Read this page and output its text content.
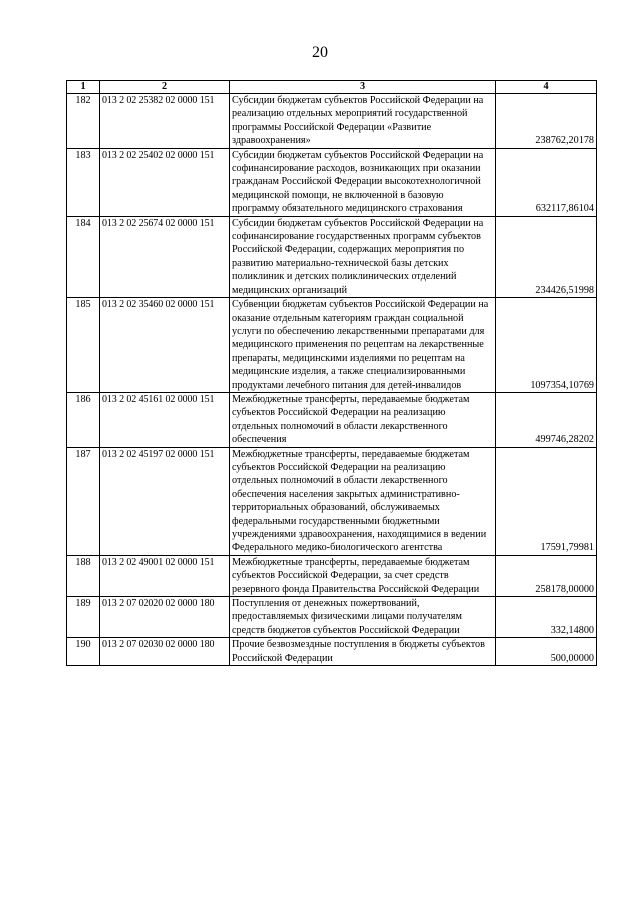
20
1	2	3	4
182	013 2 02 25382 02 0000 151	Субсидии бюджетам субъектов Российской Федерации на реализацию отдельных мероприятий государственной программы Российской Федерации «Развитие здравоохранения»	238762,20178
183	013 2 02 25402 02 0000 151	Субсидии бюджетам субъектов Российской Федерации на софинансирование расходов, возникающих при оказании гражданам Российской Федерации высокотехнологичной медицинской помощи, не включенной в базовую программу обязательного медицинского страхования	632117,86104
184	013 2 02 25674 02 0000 151	Субсидии бюджетам субъектов Российской Федерации на софинансирование государственных программ субъектов Российской Федерации, содержащих мероприятия по развитию материально-технической базы детских поликлиник и детских поликлинических отделений медицинских организаций	234426,51998
185	013 2 02 35460 02 0000 151	Субвенции бюджетам субъектов Российской Федерации на оказание отдельным категориям граждан социальной услуги по обеспечению лекарственными препаратами для медицинского применения по рецептам на лекарственные препараты, медицинскими изделиями по рецептам на медицинские изделия, а также специализированными продуктами лечебного питания для детей-инвалидов	1097354,10769
186	013 2 02 45161 02 0000 151	Межбюджетные трансферты, передаваемые бюджетам субъектов Российской Федерации на реализацию отдельных полномочий в области лекарственного обеспечения	499746,28202
187	013 2 02 45197 02 0000 151	Межбюджетные трансферты, передаваемые бюджетам субъектов Российской Федерации на реализацию отдельных полномочий в области лекарственного обеспечения населения закрытых административно-территориальных образований, обслуживаемых федеральными государственными бюджетными учреждениями здравоохранения, находящимися в ведении Федерального медико-биологического агентства	17591,79981
188	013 2 02 49001 02 0000 151	Межбюджетные трансферты, передаваемые бюджетам субъектов Российской Федерации, за счет средств резервного фонда Правительства Российской Федерации	258178,00000
189	013 2 07 02020 02 0000 180	Поступления от денежных пожертвований, предоставляемых физическими лицами получателям средств бюджетов субъектов Российской Федерации	332,14800
190	013 2 07 02030 02 0000 180	Прочие безвозмездные поступления в бюджеты субъектов Российской Федерации	500,00000
